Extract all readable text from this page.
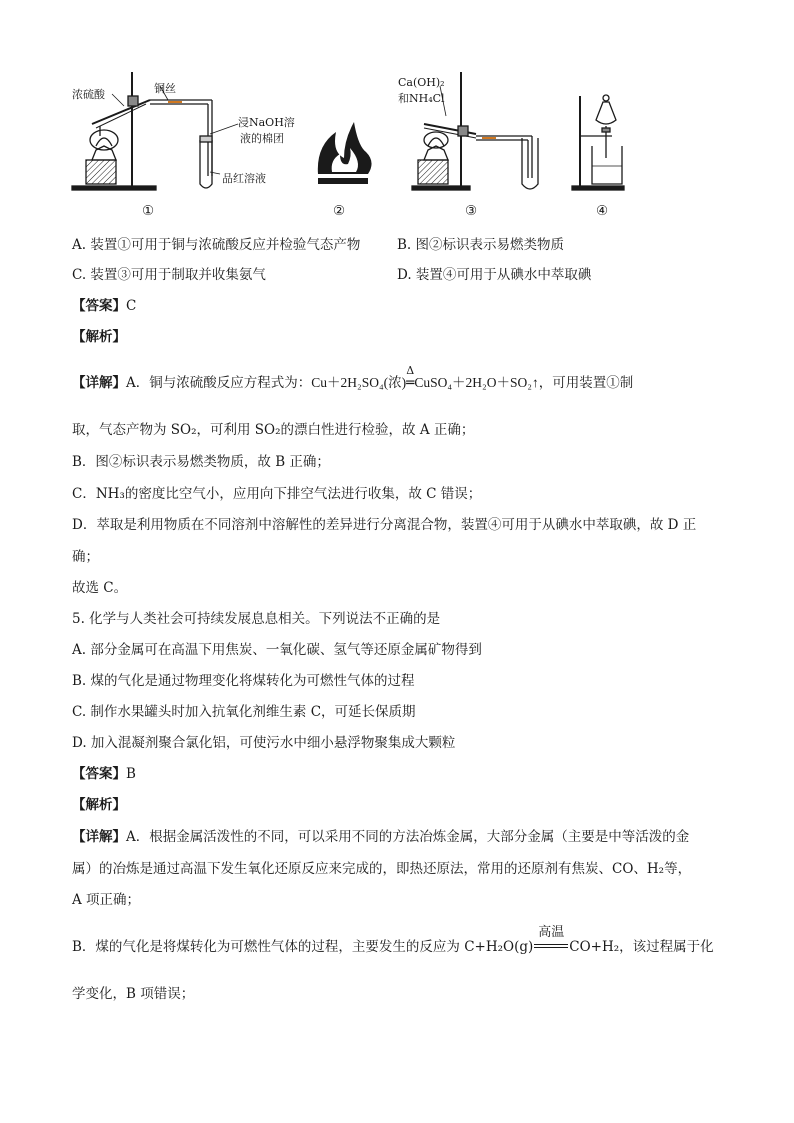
浓硫酸	铜丝
浸NaOH溶
液的棉团
品红溶液
Ca(OH)₂
和NH₄Cl
①	②	③	④
A. 装置①可用于铜与浓硫酸反应并检验气态产物	B. 图②标识表示易燃类物质
C. 装置③可用于制取并收集氨气	D. 装置④可用于从碘水中萃取碘
【答案】C
【解析】
【详解】A．铜与浓硫酸反应方程式为：Cu＋2H₂SO₄(浓)
Δ
═CuSO₄＋2H₂O＋SO₂↑，可用装置①制
取，气态产物为 SO₂，可利用 SO₂的漂白性进行检验，故 A 正确；
B．图②标识表示易燃类物质，故 B 正确；
C．NH₃的密度比空气小，应用向下排空气法进行收集，故 C 错误；
D．萃取是利用物质在不同溶剂中溶解性的差异进行分离混合物，装置④可用于从碘水中萃取碘，故 D 正
确；
故选 C。
5. 化学与人类社会可持续发展息息相关。下列说法不正确的是
A. 部分金属可在高温下用焦炭、一氧化碳、氢气等还原金属矿物得到
B. 煤的气化是通过物理变化将煤转化为可燃性气体的过程
C. 制作水果罐头时加入抗氧化剂维生素 C，可延长保质期
D. 加入混凝剂聚合氯化铝，可使污水中细小悬浮物聚集成大颗粒
【答案】B
【解析】
【详解】A．根据金属活泼性的不同，可以采用不同的方法冶炼金属，大部分金属（主要是中等活泼的金
属）的冶炼是通过高温下发生氧化还原反应来完成的，即热还原法，常用的还原剂有焦炭、CO、H₂等，
A 项正确；
B．煤的气化是将煤转化为可燃性气体的过程，主要发生的反应为 C+H₂O(g)
高温
CO+H₂，该过程属于化
学变化，B 项错误；
